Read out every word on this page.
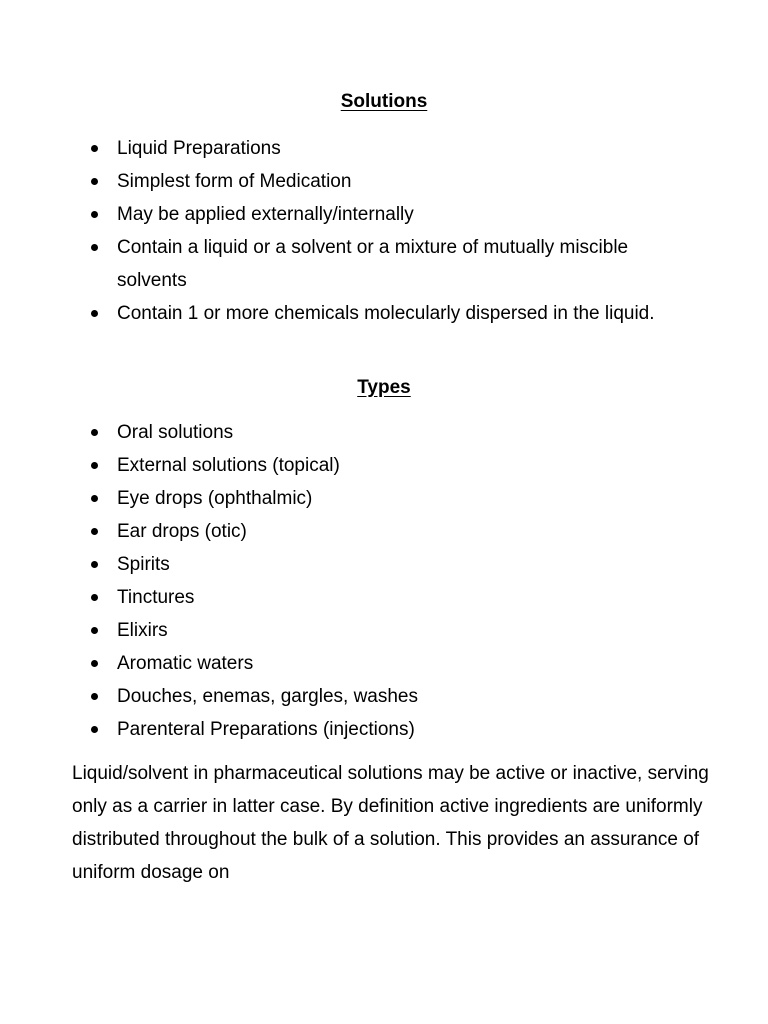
Solutions
Liquid Preparations
Simplest form of Medication
May be applied externally/internally
Contain a liquid or a solvent or a mixture of mutually miscible solvents
Contain 1 or more chemicals molecularly dispersed in the liquid.
Types
Oral solutions
External solutions (topical)
Eye drops (ophthalmic)
Ear drops (otic)
Spirits
Tinctures
Elixirs
Aromatic waters
Douches, enemas, gargles, washes
Parenteral Preparations (injections)

Liquid/solvent in pharmaceutical solutions may be active or inactive, serving only as a carrier in latter case. By definition active ingredients are uniformly distributed throughout the bulk of a solution. This provides an assurance of uniform dosage on
